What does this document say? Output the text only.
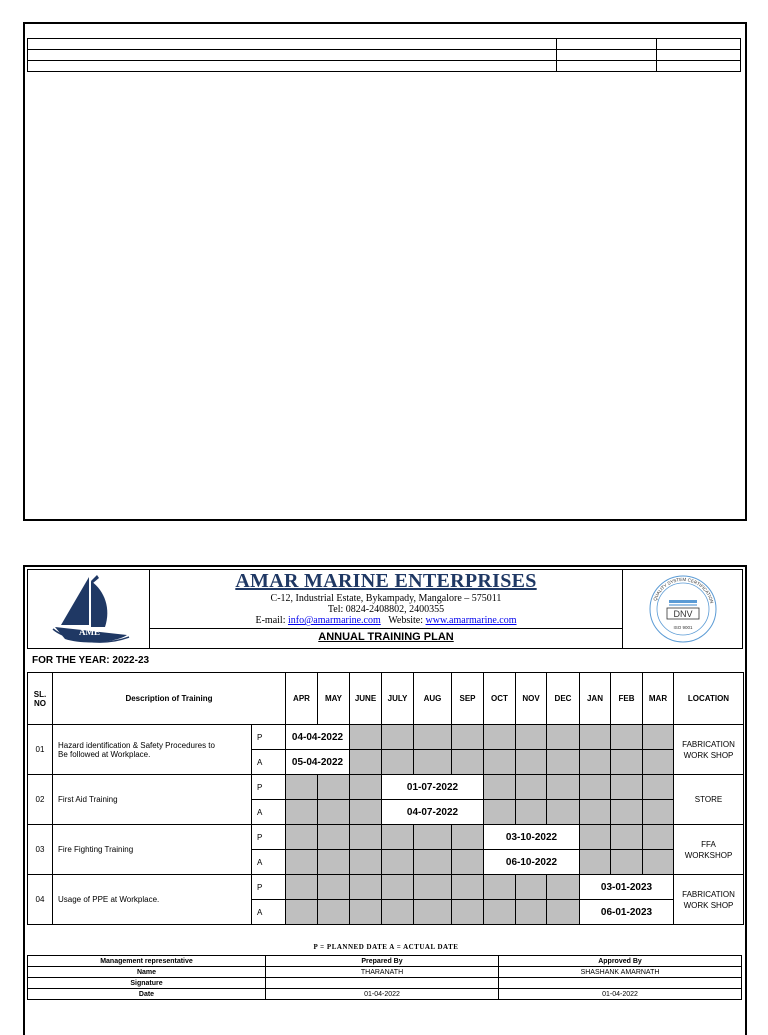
AME
AMAR MARINE ENTERPRISES
C-12, Industrial Estate, Bykampady, Mangalore – 575011
Tel: 0824-2408802, 2400355
E-mail: info@amarmarine.com Website: www.amarmarine.com
ANNUAL TRAINING PLAN
QUALITY SYSTEM CERTIFICATION
DNV
ISO 9001
FOR THE YEAR: 2022-23
SL. NO	Description of Training		APR	MAY	JUNE	JULY	AUG	SEP	OCT	NOV	DEC	JAN	FEB	MAR	LOCATION
01	Hazard identification & Safety Procedures to
Be followed at Workplace.	P	04-04-2022												FABRICATION
WORK SHOP
		A	05-04-2022												
02	First Aid Training	P				01-07-2022									STORE
		A				04-07-2022									
03	Fire Fighting Training	P							03-10-2022						FFA
WORKSHOP
		A							06-10-2022						
04	Usage of PPE at Workplace.	P										03-01-2023			FABRICATION
WORK SHOP
		A										06-01-2023			
P = PLANNED DATE A = ACTUAL DATE
Management representative	Prepared By	Approved By
Name	THARANATH	SHASHANK AMARNATH
Signature		
Date	01-04-2022	01-04-2022
